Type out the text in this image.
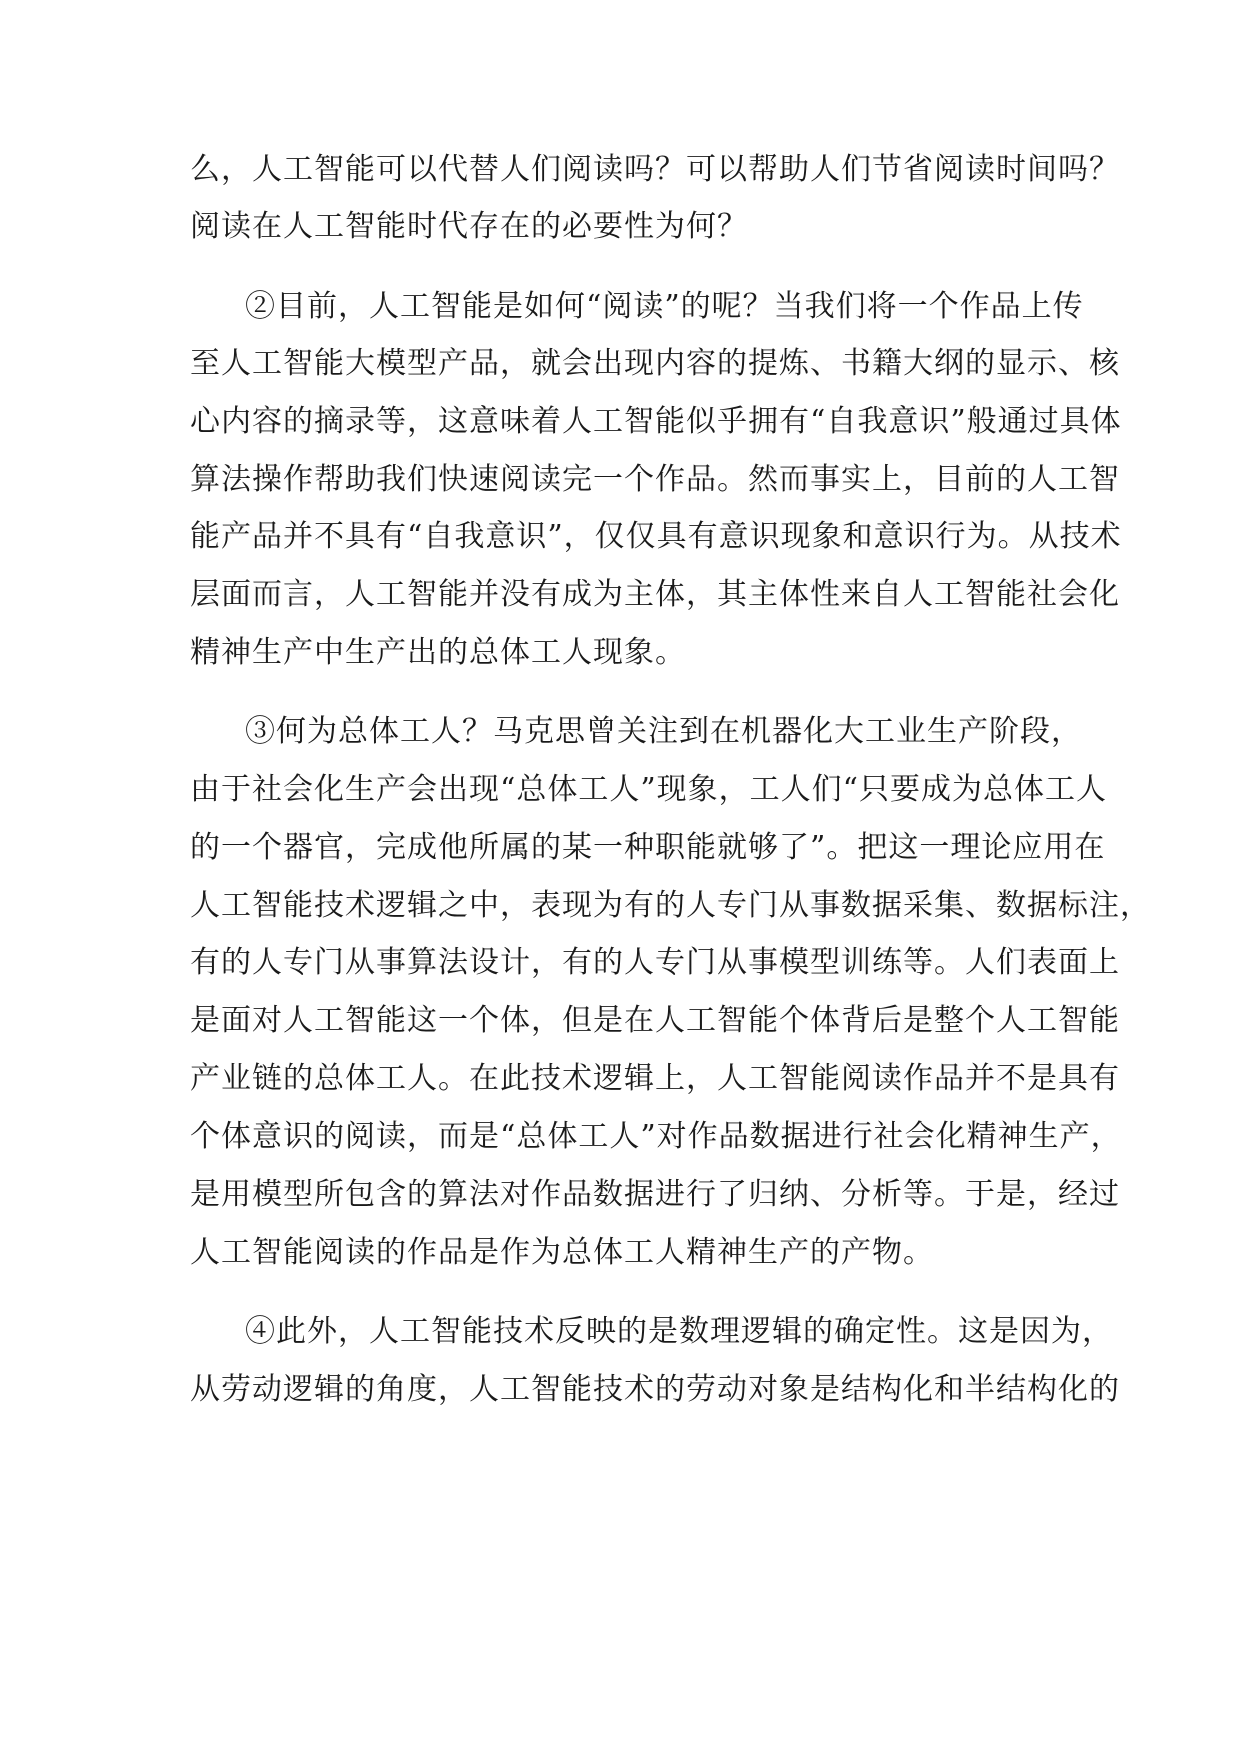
么，人工智能可以代替人们阅读吗？可以帮助人们节省阅读时间吗？
阅读在人工智能时代存在的必要性为何？
②目前，人工智能是如何“阅读”的呢？当我们将一个作品上传
至人工智能大模型产品，就会出现内容的提炼、书籍大纲的显示、核
心内容的摘录等，这意味着人工智能似乎拥有“自我意识”般通过具体
算法操作帮助我们快速阅读完一个作品。然而事实上，目前的人工智
能产品并不具有“自我意识”，仅仅具有意识现象和意识行为。从技术
层面而言，人工智能并没有成为主体，其主体性来自人工智能社会化
精神生产中生产出的总体工人现象。
③何为总体工人？马克思曾关注到在机器化大工业生产阶段，
由于社会化生产会出现“总体工人”现象，工人们“只要成为总体工人
的一个器官，完成他所属的某一种职能就够了”。把这一理论应用在
人工智能技术逻辑之中，表现为有的人专门从事数据采集、数据标注，
有的人专门从事算法设计，有的人专门从事模型训练等。人们表面上
是面对人工智能这一个体，但是在人工智能个体背后是整个人工智能
产业链的总体工人。在此技术逻辑上，人工智能阅读作品并不是具有
个体意识的阅读，而是“总体工人”对作品数据进行社会化精神生产，
是用模型所包含的算法对作品数据进行了归纳、分析等。于是，经过
人工智能阅读的作品是作为总体工人精神生产的产物。
④此外，人工智能技术反映的是数理逻辑的确定性。这是因为，
从劳动逻辑的角度，人工智能技术的劳动对象是结构化和半结构化的
